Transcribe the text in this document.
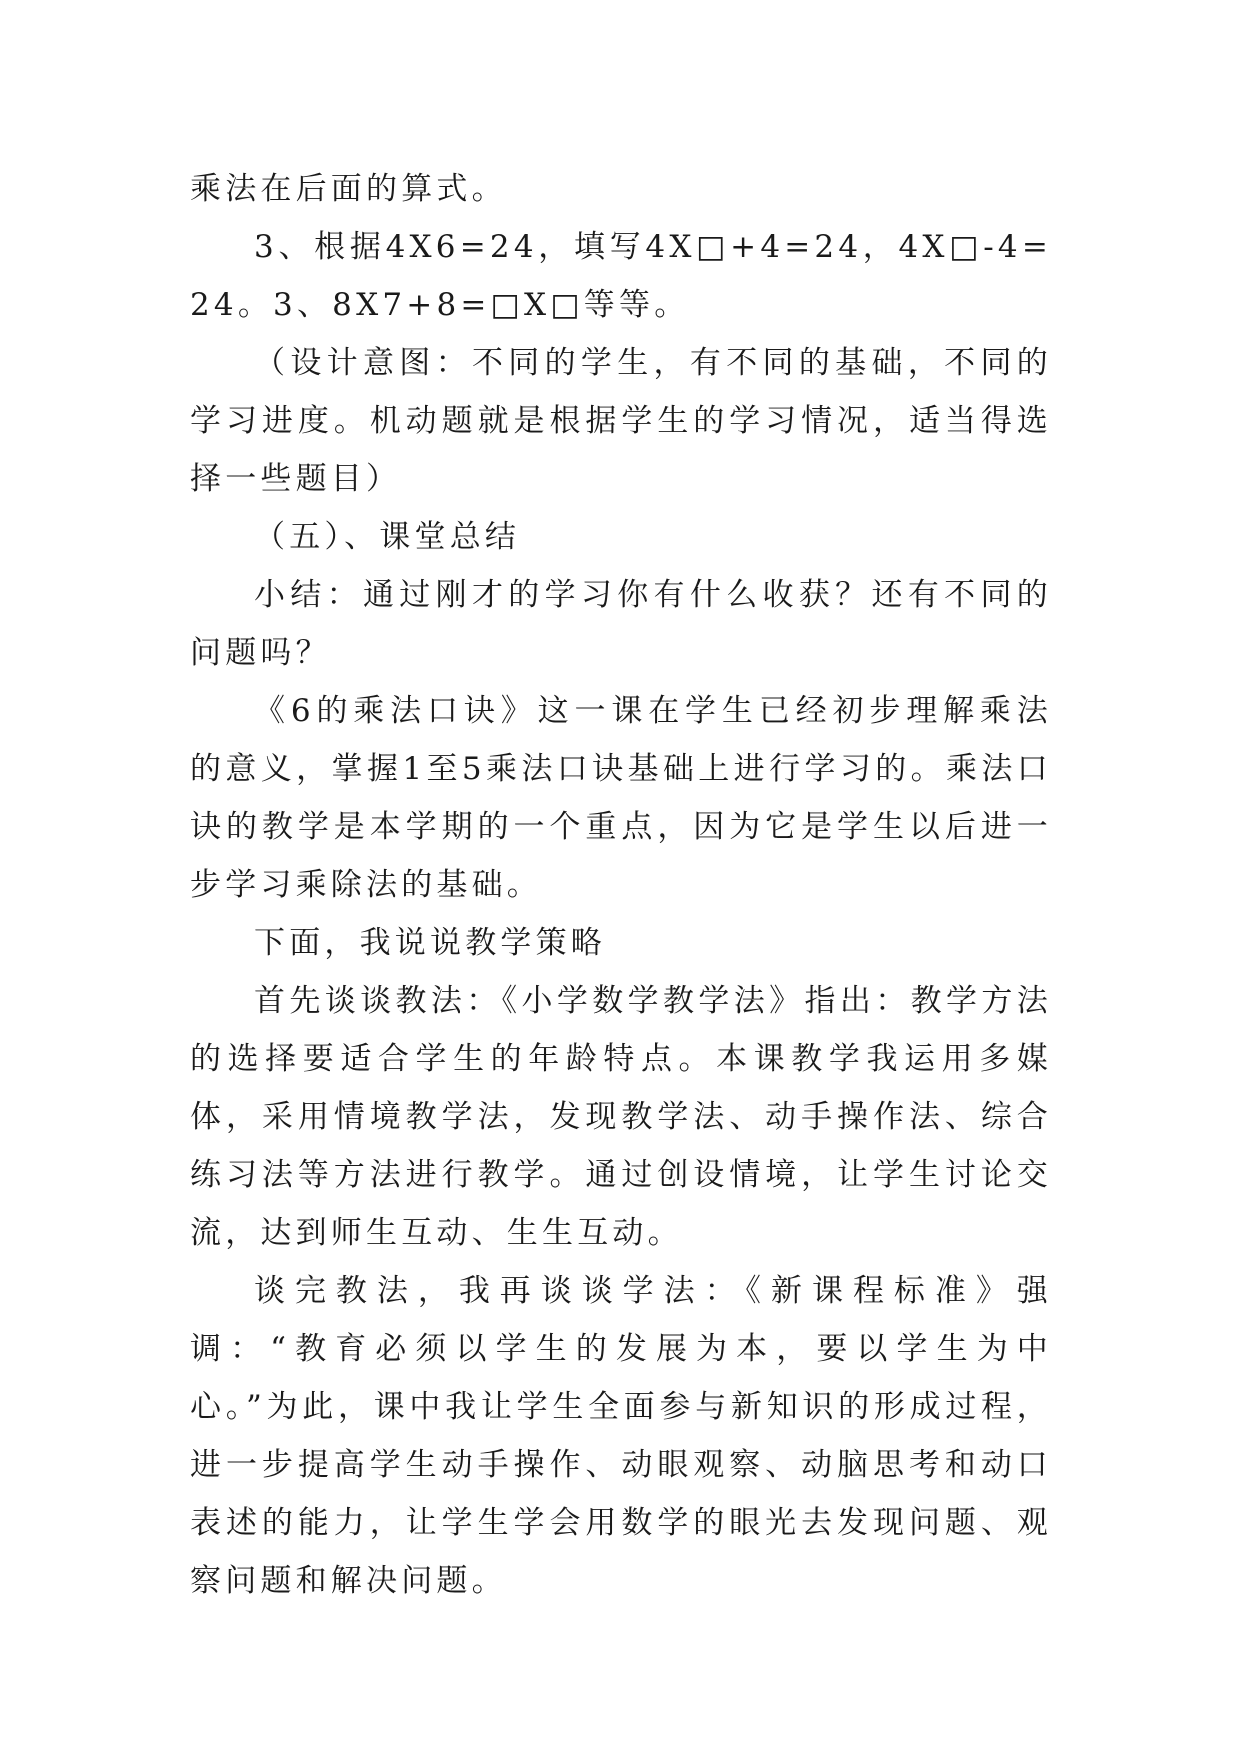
乘法在后面的算式。

3、根据4X6=24，填写4X□+4=24，4X□-4=24。3、8X7+8=□X□等等。

（设计意图：不同的学生，有不同的基础，不同的学习进度。机动题就是根据学生的学习情况，适当得选择一些题目）

（五）、课堂总结

小结：通过刚才的学习你有什么收获？还有不同的问题吗？

《6的乘法口诀》这一课在学生已经初步理解乘法的意义，掌握1至5乘法口诀基础上进行学习的。乘法口诀的教学是本学期的一个重点，因为它是学生以后进一步学习乘除法的基础。

下面，我说说教学策略

首先谈谈教法：《小学数学教学法》指出：教学方法的选择要适合学生的年龄特点。本课教学我运用多媒体，采用情境教学法，发现教学法、动手操作法、综合练习法等方法进行教学。通过创设情境，让学生讨论交流，达到师生互动、生生互动。

谈完教法，我再谈谈学法：《新课程标准》强调：“教育必须以学生的发展为本，要以学生为中心。”为此，课中我让学生全面参与新知识的形成过程，进一步提高学生动手操作、动眼观察、动脑思考和动口表述的能力，让学生学会用数学的眼光去发现问题、观察问题和解决问题。
